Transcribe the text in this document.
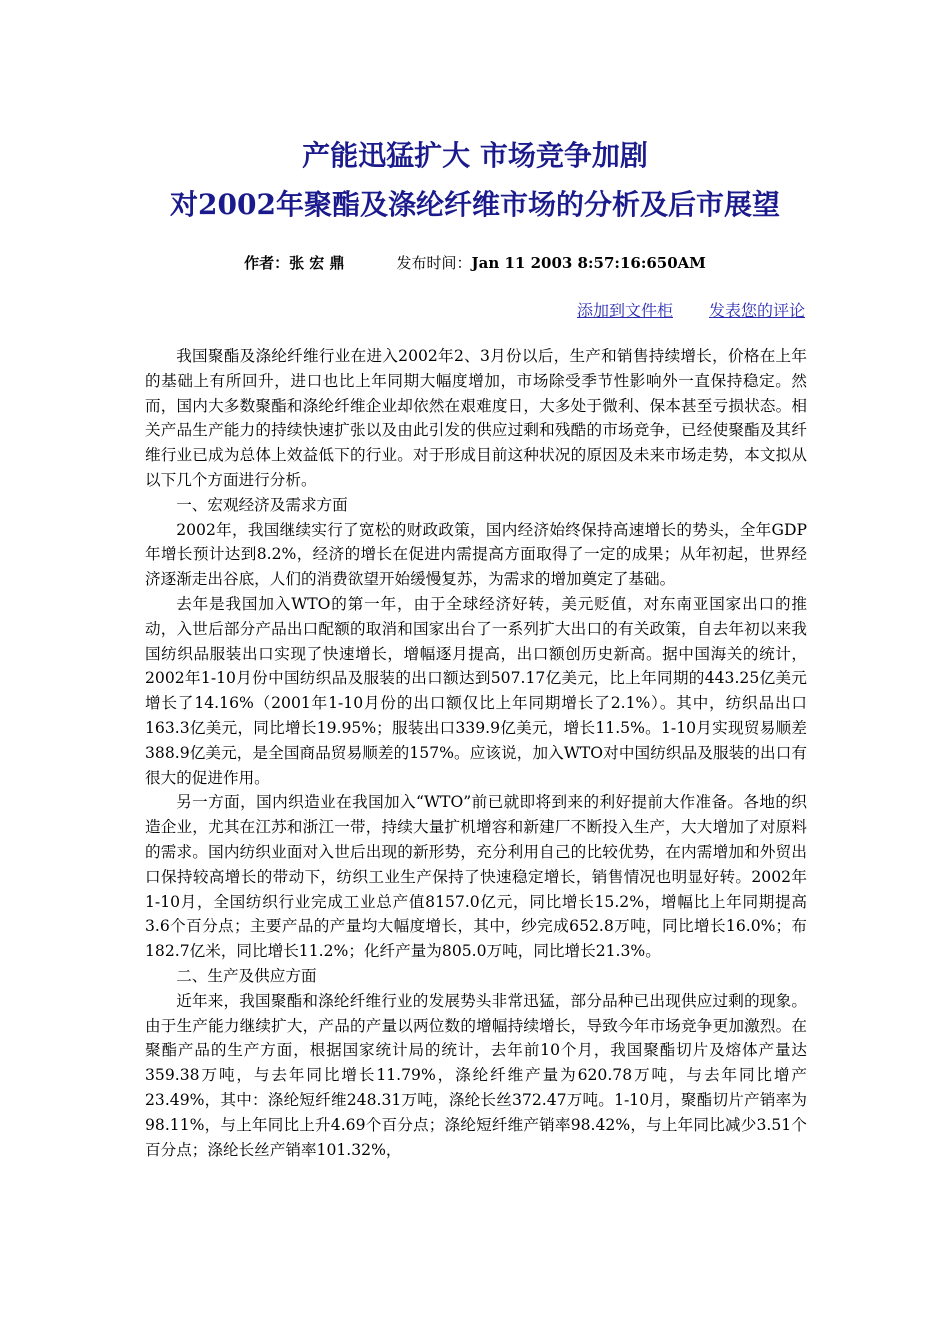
产能迅猛扩大 市场竞争加剧
对2002年聚酯及涤纶纤维市场的分析及后市展望
作者：张 宏 鼎	发布时间：Jan 11 2003 8:57:16:650AM
添加到文件柜 发表您的评论

我国聚酯及涤纶纤维行业在进入2002年2、3月份以后，生产和销售持续增长，价格在上年的基础上有所回升，进口也比上年同期大幅度增加，市场除受季节性影响外一直保持稳定。然而，国内大多数聚酯和涤纶纤维企业却依然在艰难度日，大多处于微利、保本甚至亏损状态。相关产品生产能力的持续快速扩张以及由此引发的供应过剩和残酷的市场竞争，已经使聚酯及其纤维行业已成为总体上效益低下的行业。对于形成目前这种状况的原因及未来市场走势，本文拟从以下几个方面进行分析。

一、宏观经济及需求方面

2002年，我国继续实行了宽松的财政政策，国内经济始终保持高速增长的势头，全年GDP年增长预计达到8.2%，经济的增长在促进内需提高方面取得了一定的成果；从年初起，世界经济逐渐走出谷底，人们的消费欲望开始缓慢复苏，为需求的增加奠定了基础。

去年是我国加入WTO的第一年，由于全球经济好转，美元贬值，对东南亚国家出口的推动，入世后部分产品出口配额的取消和国家出台了一系列扩大出口的有关政策，自去年初以来我国纺织品服装出口实现了快速增长，增幅逐月提高，出口额创历史新高。据中国海关的统计，2002年1-10月份中国纺织品及服装的出口额达到507.17亿美元，比上年同期的443.25亿美元增长了14.16%（2001年1-10月份的出口额仅比上年同期增长了2.1%）。其中，纺织品出口163.3亿美元，同比增长19.95%；服装出口339.9亿美元，增长11.5%。1-10月实现贸易顺差388.9亿美元，是全国商品贸易顺差的157%。应该说，加入WTO对中国纺织品及服装的出口有很大的促进作用。

另一方面，国内织造业在我国加入“WTO”前已就即将到来的利好提前大作准备。各地的织造企业，尤其在江苏和浙江一带，持续大量扩机增容和新建厂不断投入生产，大大增加了对原料的需求。国内纺织业面对入世后出现的新形势，充分利用自己的比较优势，在内需增加和外贸出口保持较高增长的带动下，纺织工业生产保持了快速稳定增长，销售情况也明显好转。2002年1-10月，全国纺织行业完成工业总产值8157.0亿元，同比增长15.2%，增幅比上年同期提高3.6个百分点；主要产品的产量均大幅度增长，其中，纱完成652.8万吨，同比增长16.0%；布182.7亿米，同比增长11.2%；化纤产量为805.0万吨，同比增长21.3%。

二、生产及供应方面

近年来，我国聚酯和涤纶纤维行业的发展势头非常迅猛，部分品种已出现供应过剩的现象。由于生产能力继续扩大，产品的产量以两位数的增幅持续增长，导致今年市场竞争更加激烈。在聚酯产品的生产方面，根据国家统计局的统计，去年前10个月，我国聚酯切片及熔体产量达359.38万吨，与去年同比增长11.79%，涤纶纤维产量为620.78万吨，与去年同比增产23.49%，其中：涤纶短纤维248.31万吨，涤纶长丝372.47万吨。1-10月，聚酯切片产销率为98.11%，与上年同比上升4.69个百分点；涤纶短纤维产销率98.42%，与上年同比减少3.51个百分点；涤纶长丝产销率101.32%，
